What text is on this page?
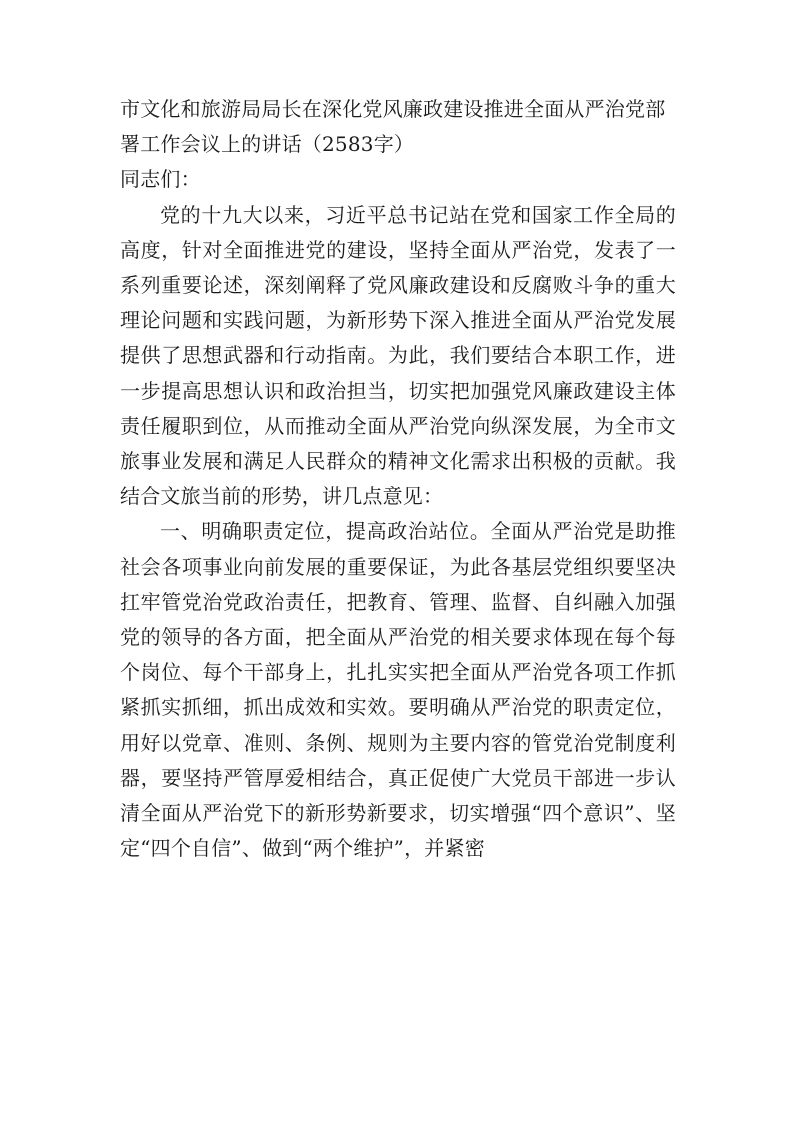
市文化和旅游局局长在深化党风廉政建设推进全面从严治党部署工作会议上的讲话（2583字）

同志们：

党的十九大以来，习近平总书记站在党和国家工作全局的高度，针对全面推进党的建设，坚持全面从严治党，发表了一系列重要论述，深刻阐释了党风廉政建设和反腐败斗争的重大理论问题和实践问题，为新形势下深入推进全面从严治党发展提供了思想武器和行动指南。为此，我们要结合本职工作，进一步提高思想认识和政治担当，切实把加强党风廉政建设主体责任履职到位，从而推动全面从严治党向纵深发展，为全市文旅事业发展和满足人民群众的精神文化需求出积极的贡献。我结合文旅当前的形势，讲几点意见：

一、明确职责定位，提高政治站位。全面从严治党是助推社会各项事业向前发展的重要保证，为此各基层党组织要坚决扛牢管党治党政治责任，把教育、管理、监督、自纠融入加强党的领导的各方面，把全面从严治党的相关要求体现在每个每个岗位、每个干部身上，扎扎实实把全面从严治党各项工作抓紧抓实抓细，抓出成效和实效。要明确从严治党的职责定位，用好以党章、准则、条例、规则为主要内容的管党治党制度利器，要坚持严管厚爱相结合，真正促使广大党员干部进一步认清全面从严治党下的新形势新要求，切实增强“四个意识”、坚定“四个自信”、做到“两个维护”，并紧密
